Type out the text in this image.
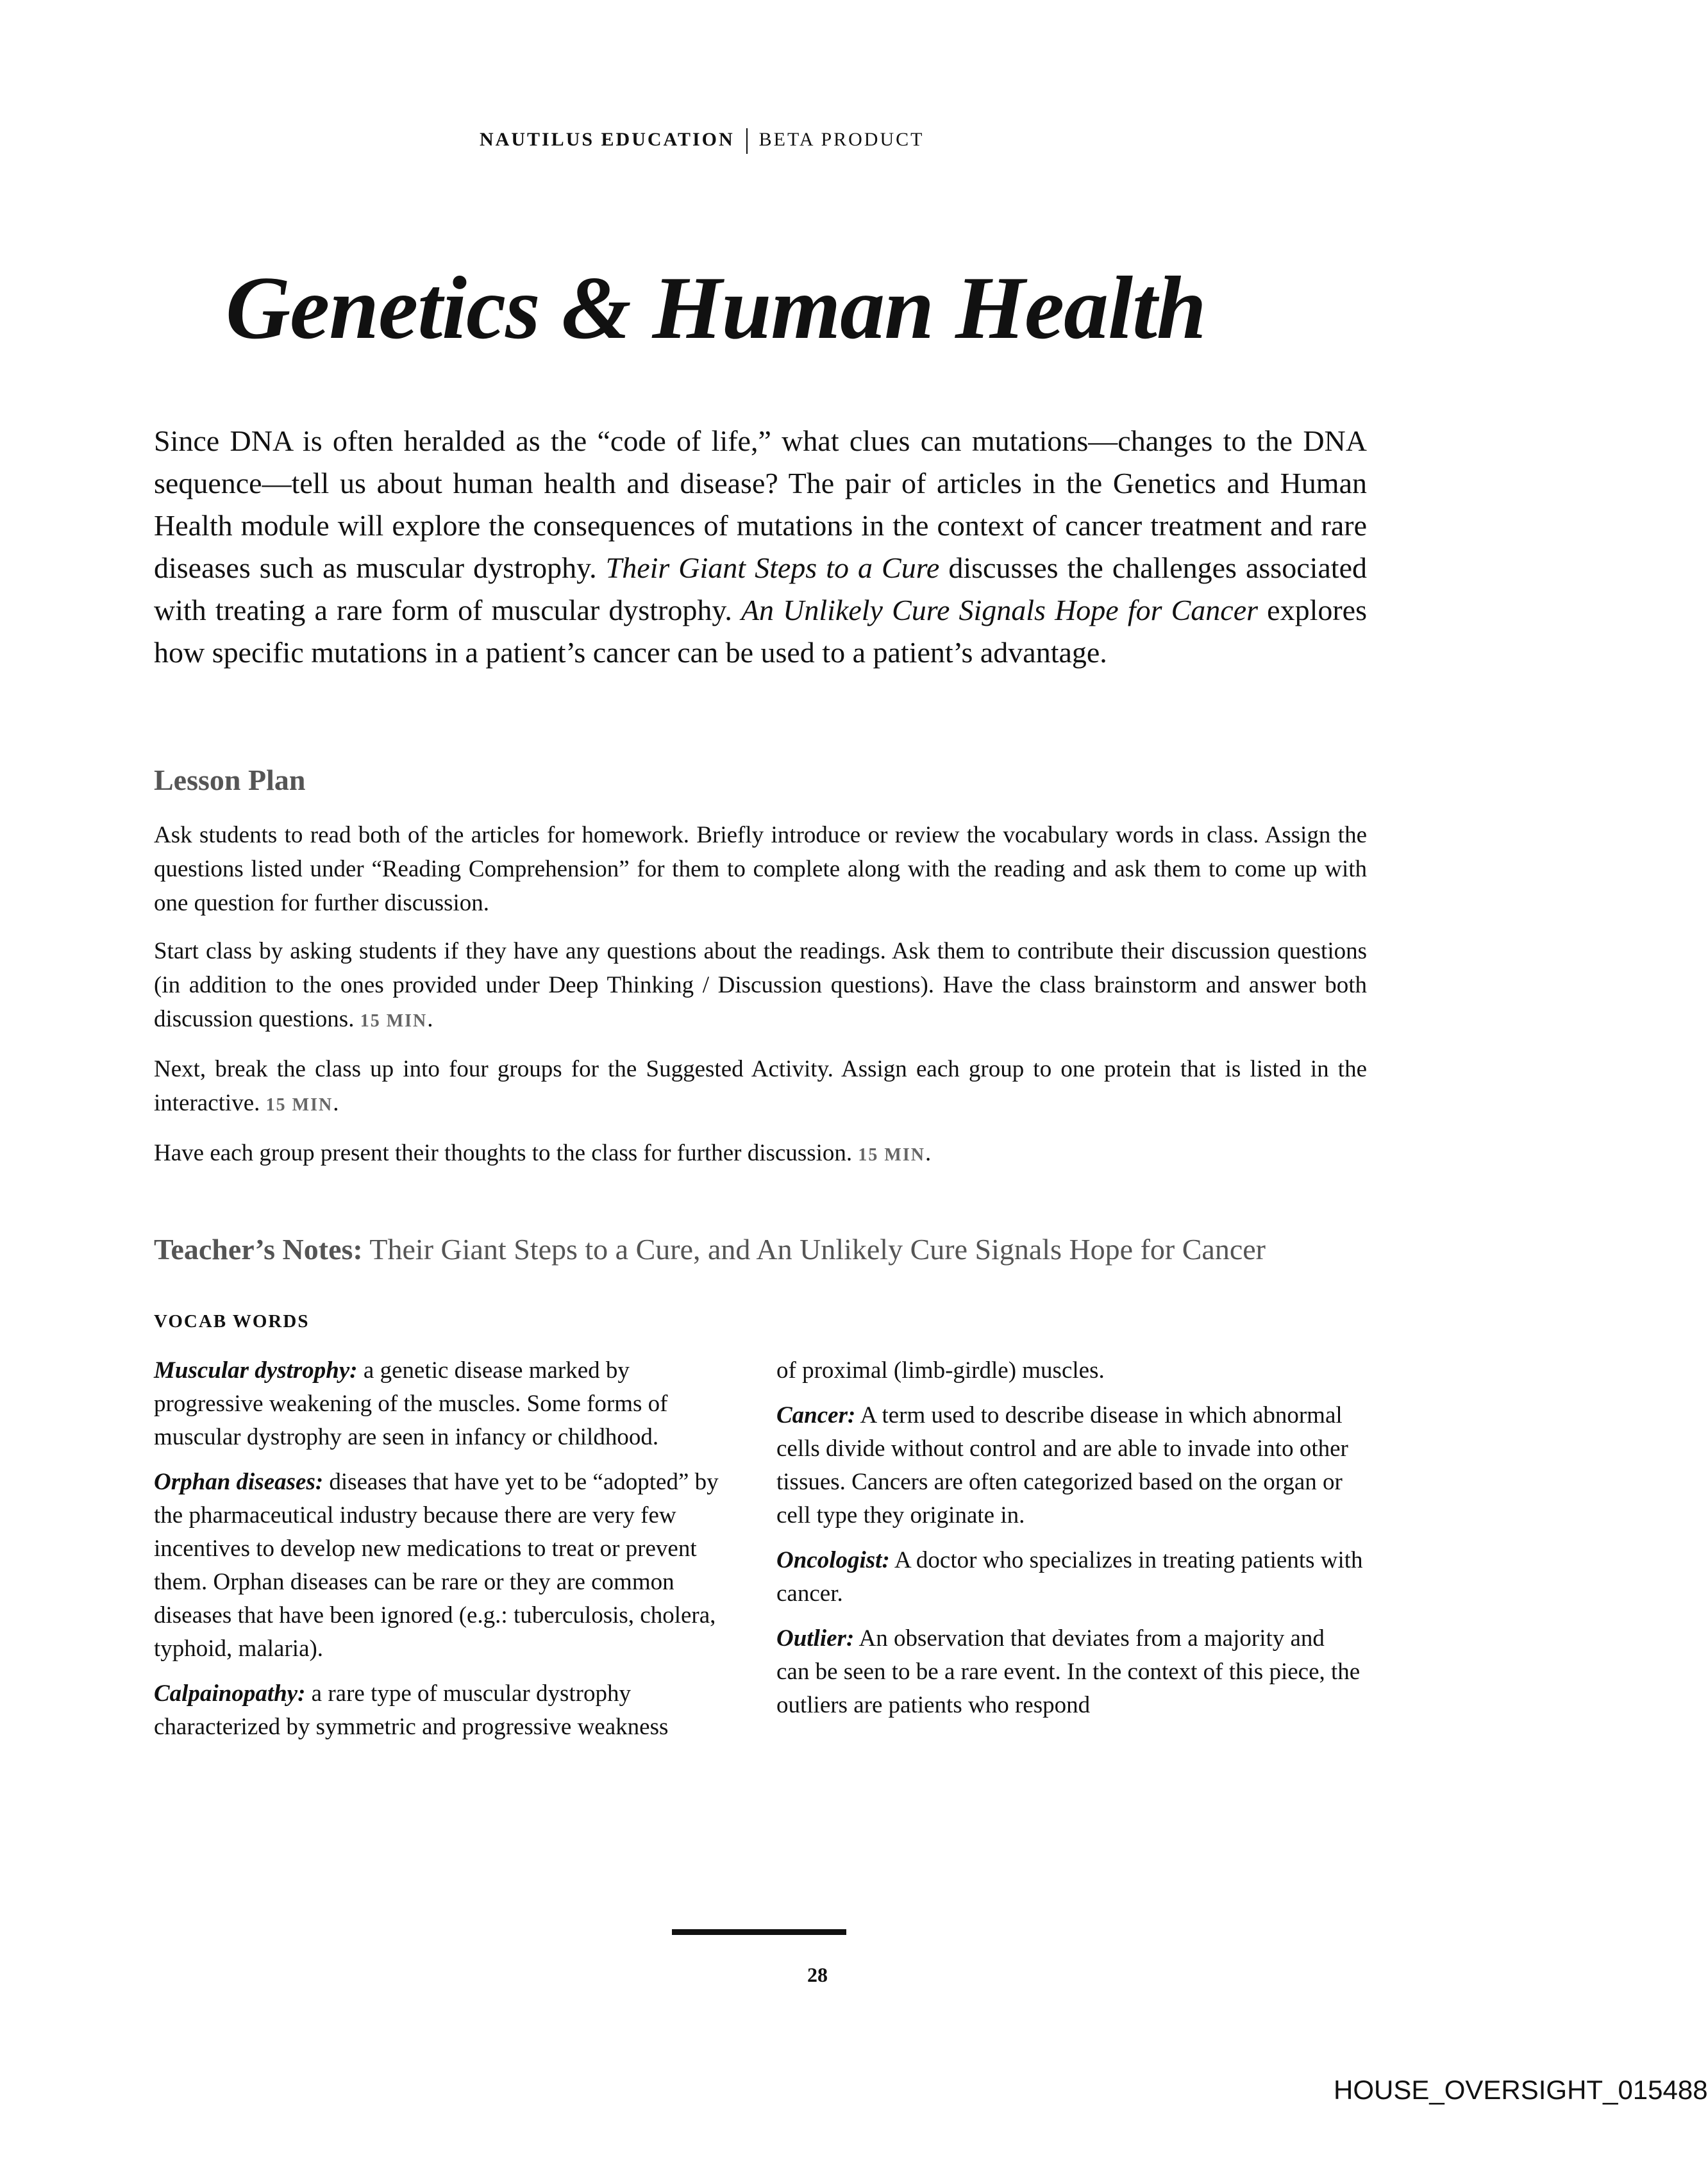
NAUTILUS EDUCATION BETA PRODUCT
Genetics & Human Health
Since DNA is often heralded as the “code of life,” what clues can mutations—changes to the DNA sequence—tell us about human health and disease? The pair of articles in the Genetics and Human Health module will explore the consequences of mutations in the context of cancer treatment and rare diseases such as muscular dystrophy. Their Giant Steps to a Cure discusses the challenges associated with treating a rare form of muscular dystrophy. An Unlikely Cure Signals Hope for Cancer explores how specific mutations in a patient’s cancer can be used to a patient’s advantage.
Lesson Plan

Ask students to read both of the articles for homework. Briefly introduce or review the vocabulary words in class. Assign the questions listed under “Reading Comprehension” for them to complete along with the reading and ask them to come up with one question for further discussion.

Start class by asking students if they have any questions about the readings. Ask them to contribute their discussion questions (in addition to the ones provided under Deep Thinking / Discussion questions). Have the class brainstorm and answer both discussion questions. 15 MIN.

Next, break the class up into four groups for the Suggested Activity. Assign each group to one protein that is listed in the interactive. 15 MIN.

Have each group present their thoughts to the class for further discussion. 15 MIN.

Teacher’s Notes: Their Giant Steps to a Cure, and An Unlikely Cure Signals Hope for Cancer
VOCAB WORDS

Muscular dystrophy: a genetic disease marked by progressive weakening of the muscles. Some forms of muscular dystrophy are seen in infancy or childhood.

Orphan diseases: diseases that have yet to be “adopted” by the pharmaceutical industry because there are very few incentives to develop new medications to treat or prevent them. Orphan diseases can be rare or they are common diseases that have been ignored (e.g.: tuberculosis, cholera, typhoid, malaria).

Calpainopathy: a rare type of muscular dystrophy characterized by symmetric and progressive weakness

of proximal (limb-girdle) muscles.

Cancer: A term used to describe disease in which abnormal cells divide without control and are able to invade into other tissues. Cancers are often categorized based on the organ or cell type they originate in.

Oncologist: A doctor who specializes in treating patients with cancer.

Outlier: An observation that deviates from a majority and can be seen to be a rare event. In the context of this piece, the outliers are patients who respond

28
HOUSE_OVERSIGHT_015488
